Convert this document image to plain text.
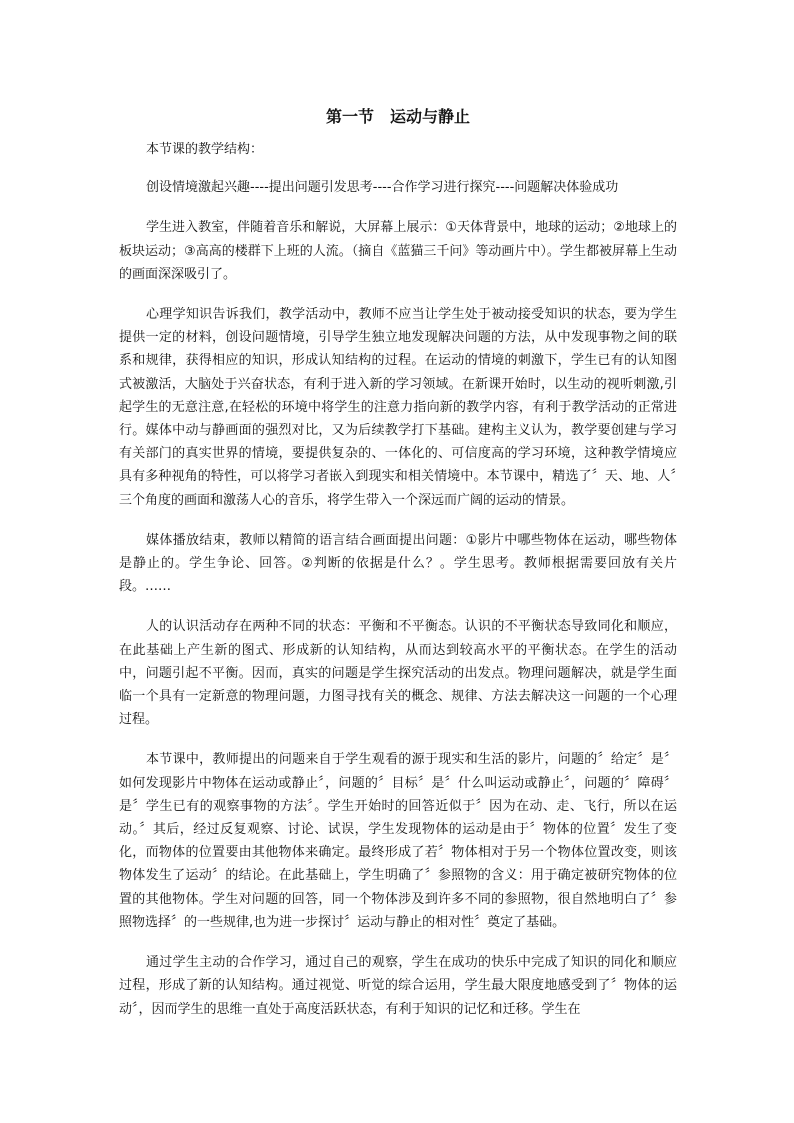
第一节　运动与静止

本节课的教学结构：

创设情境激起兴趣----提出问题引发思考----合作学习进行探究----问题解决体验成功

学生进入教室，伴随着音乐和解说，大屏幕上展示：①天体背景中，地球的运动；②地球上的板块运动；③高高的楼群下上班的人流。（摘自《蓝猫三千问》等动画片中）。学生都被屏幕上生动的画面深深吸引了。

心理学知识告诉我们，教学活动中，教师不应当让学生处于被动接受知识的状态，要为学生提供一定的材料，创设问题情境，引导学生独立地发现解决问题的方法，从中发现事物之间的联系和规律，获得相应的知识，形成认知结构的过程。在运动的情境的刺激下，学生已有的认知图式被激活，大脑处于兴奋状态，有利于进入新的学习领域。在新课开始时，以生动的视听刺激,引起学生的无意注意,在轻松的环境中将学生的注意力指向新的教学内容，有利于教学活动的正常进行。媒体中动与静画面的强烈对比，又为后续教学打下基础。建构主义认为，教学要创建与学习有关部门的真实世界的情境，要提供复杂的、一体化的、可信度高的学习环境，这种教学情境应具有多种视角的特性，可以将学习者嵌入到现实和相关情境中。本节课中，精选了〞天、地、人〞三个角度的画面和激荡人心的音乐，将学生带入一个深远而广阔的运动的情景。

媒体播放结束，教师以精简的语言结合画面提出问题：①影片中哪些物体在运动，哪些物体是静止的。学生争论、回答。②判断的依据是什么？。学生思考。教师根据需要回放有关片段。……

人的认识活动存在两种不同的状态：平衡和不平衡态。认识的不平衡状态导致同化和顺应，在此基础上产生新的图式、形成新的认知结构，从而达到较高水平的平衡状态。在学生的活动中，问题引起不平衡。因而，真实的问题是学生探究活动的出发点。物理问题解决，就是学生面临一个具有一定新意的物理问题，力图寻找有关的概念、规律、方法去解决这一问题的一个心理过程。

本节课中，教师提出的问题来自于学生观看的源于现实和生活的影片，问题的〞给定〞是〞如何发现影片中物体在运动或静止〞，问题的〞目标〞是〞什么叫运动或静止〞，问题的〞障碍〞是〞学生已有的观察事物的方法〞。学生开始时的回答近似于〞因为在动、走、飞行，所以在运动。〞其后，经过反复观察、讨论、试误，学生发现物体的运动是由于〞物体的位置〞发生了变化，而物体的位置要由其他物体来确定。最终形成了若〞物体相对于另一个物体位置改变，则该物体发生了运动〞的结论。在此基础上，学生明确了〞参照物的含义：用于确定被研究物体的位置的其他物体。学生对问题的回答，同一个物体涉及到许多不同的参照物，很自然地明白了〞参照物选择〞的一些规律,也为进一步探讨〞运动与静止的相对性〞奠定了基础。

通过学生主动的合作学习，通过自己的观察，学生在成功的快乐中完成了知识的同化和顺应过程，形成了新的认知结构。通过视觉、听觉的综合运用，学生最大限度地感受到了〞物体的运动〞，因而学生的思维一直处于高度活跃状态，有利于知识的记忆和迁移。学生在
